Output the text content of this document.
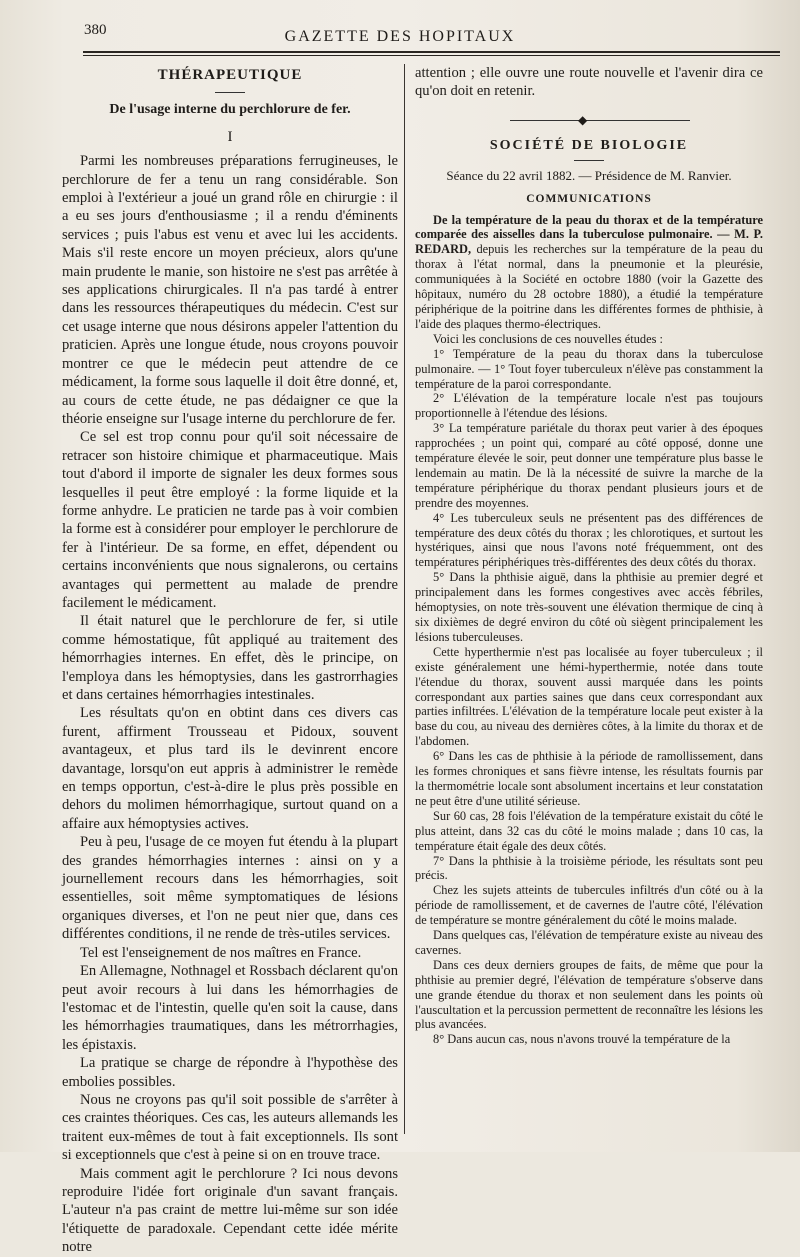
380	GAZETTE DES HOPITAUX
THÉRAPEUTIQUE
De l'usage interne du perchlorure de fer.
I

Parmi les nombreuses préparations ferrugineuses, le perchlorure de fer a tenu un rang considérable. Son emploi à l'extérieur a joué un grand rôle en chirurgie : il a eu ses jours d'enthousiasme ; il a rendu d'éminents services ; puis l'abus est venu et avec lui les accidents. Mais s'il reste encore un moyen précieux, alors qu'une main prudente le manie, son histoire ne s'est pas arrêtée à ses applications chirurgicales. Il n'a pas tardé à entrer dans les ressources thérapeutiques du médecin. C'est sur cet usage interne que nous désirons appeler l'attention du praticien. Après une longue étude, nous croyons pouvoir montrer ce que le médecin peut attendre de ce médicament, la forme sous laquelle il doit être donné, et, au cours de cette étude, ne pas dédaigner ce que la théorie enseigne sur l'usage interne du perchlorure de fer.

Ce sel est trop connu pour qu'il soit nécessaire de retracer son histoire chimique et pharmaceutique. Mais tout d'abord il importe de signaler les deux formes sous lesquelles il peut être employé : la forme liquide et la forme anhydre. Le praticien ne tarde pas à voir combien la forme est à considérer pour employer le perchlorure de fer à l'intérieur. De sa forme, en effet, dépendent ou certains inconvénients que nous signalerons, ou certains avantages qui permettent au malade de prendre facilement le médicament.

Il était naturel que le perchlorure de fer, si utile comme hémostatique, fût appliqué au traitement des hémorrhagies internes. En effet, dès le principe, on l'employa dans les hémoptysies, dans les gastrorrhagies et dans certaines hémorrhagies intestinales.

Les résultats qu'on en obtint dans ces divers cas furent, affirment Trousseau et Pidoux, souvent avantageux, et plus tard ils le devinrent encore davantage, lorsqu'on eut appris à administrer le remède en temps opportun, c'est-à-dire le plus près possible en dehors du molimen hémorrhagique, surtout quand on a affaire aux hémoptysies actives.

Peu à peu, l'usage de ce moyen fut étendu à la plupart des grandes hémorrhagies internes : ainsi on y a journellement recours dans les hémorrhagies, soit essentielles, soit même symptomatiques de lésions organiques diverses, et l'on ne peut nier que, dans ces différentes conditions, il ne rende de très-utiles services.

Tel est l'enseignement de nos maîtres en France.

En Allemagne, Nothnagel et Rossbach déclarent qu'on peut avoir recours à lui dans les hémorrhagies de l'estomac et de l'intestin, quelle qu'en soit la cause, dans les hémorrhagies traumatiques, dans les métrorrhagies, les épistaxis.

La pratique se charge de répondre à l'hypothèse des embolies possibles.

Nous ne croyons pas qu'il soit possible de s'arrêter à ces craintes théoriques. Ces cas, les auteurs allemands les traitent eux-mêmes de tout à fait exceptionnels. Ils sont si exceptionnels que c'est à peine si on en trouve trace.

Mais comment agit le perchlorure ? Ici nous devons reproduire l'idée fort originale d'un savant français. L'auteur n'a pas craint de mettre lui-même sur son idée l'étiquette de paradoxale. Cependant cette idée mérite notre

attention ; elle ouvre une route nouvelle et l'avenir dira ce qu'on doit en retenir.

◆
SOCIÉTÉ DE BIOLOGIE
Séance du 22 avril 1882. — Présidence de M. Ranvier.
COMMUNICATIONS

De la température de la peau du thorax et de la température comparée des aisselles dans la tuberculose pulmonaire. — M. P. REDARD, depuis les recherches sur la température de la peau du thorax à l'état normal, dans la pneumonie et la pleurésie, communiquées à la Société en octobre 1880 (voir la Gazette des hôpitaux, numéro du 28 octobre 1880), a étudié la température périphérique de la poitrine dans les différentes formes de phthisie, à l'aide des plaques thermo-électriques.

Voici les conclusions de ces nouvelles études :

1° Température de la peau du thorax dans la tuberculose pulmonaire. — 1° Tout foyer tuberculeux n'élève pas constamment la température de la paroi correspondante.

2° L'élévation de la température locale n'est pas toujours proportionnelle à l'étendue des lésions.

3° La température pariétale du thorax peut varier à des époques rapprochées ; un point qui, comparé au côté opposé, donne une température élevée le soir, peut donner une température plus basse le lendemain au matin. De là la nécessité de suivre la marche de la température périphérique du thorax pendant plusieurs jours et de prendre des moyennes.

4° Les tuberculeux seuls ne présentent pas des différences de température des deux côtés du thorax ; les chlorotiques, et surtout les hystériques, ainsi que nous l'avons noté fréquemment, ont des températures périphériques très-différentes des deux côtés du thorax.

5° Dans la phthisie aiguë, dans la phthisie au premier degré et principalement dans les formes congestives avec accès fébriles, hémoptysies, on note très-souvent une élévation thermique de cinq à six dixièmes de degré environ du côté où siègent principalement les lésions tuberculeuses.

Cette hyperthermie n'est pas localisée au foyer tuberculeux ; il existe généralement une hémi-hyperthermie, notée dans toute l'étendue du thorax, souvent aussi marquée dans les points correspondant aux parties saines que dans ceux correspondant aux parties infiltrées. L'élévation de la température locale peut exister à la base du cou, au niveau des dernières côtes, à la limite du thorax et de l'abdomen.

6° Dans les cas de phthisie à la période de ramollissement, dans les formes chroniques et sans fièvre intense, les résultats fournis par la thermométrie locale sont absolument incertains et leur constatation ne peut être d'une utilité sérieuse.

Sur 60 cas, 28 fois l'élévation de la température existait du côté le plus atteint, dans 32 cas du côté le moins malade ; dans 10 cas, la température était égale des deux côtés.

7° Dans la phthisie à la troisième période, les résultats sont peu précis.

Chez les sujets atteints de tubercules infiltrés d'un côté ou à la période de ramollissement, et de cavernes de l'autre côté, l'élévation de température se montre généralement du côté le moins malade.

Dans quelques cas, l'élévation de température existe au niveau des cavernes.

Dans ces deux derniers groupes de faits, de même que pour la phthisie au premier degré, l'élévation de température s'observe dans une grande étendue du thorax et non seulement dans les points où l'auscultation et la percussion permettent de reconnaître les lésions les plus avancées.

8° Dans aucun cas, nous n'avons trouvé la température de la
